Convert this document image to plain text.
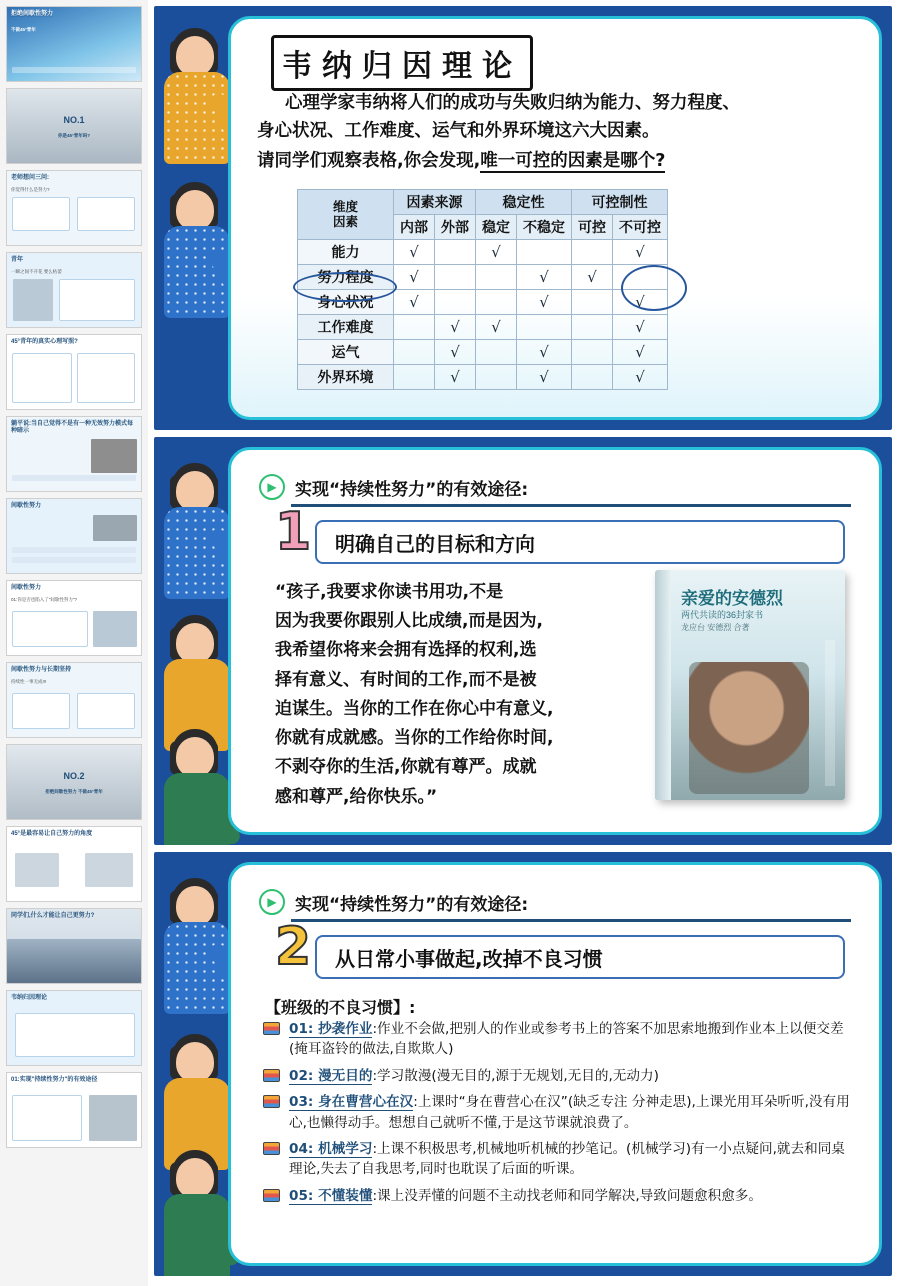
拒绝间歇性努力
不做45°青年
NO.1
你是45°青年吗?
老师想问三问:
你觉得什么是努力?
青年
一瞬之间不开花 要么枯萎
45°青年的真实心理写照?
躺平说:当自己觉得不是有一种无效努力模式每种暗示
间歇性努力
间歇性努力
01:你是否也陷入了"间歇性努力"?
间歇性努力与长期坚持
持续性一事无成!!!
NO.2
拒绝间歇性努力 不做45°青年
45°是最容易让自己努力的角度
同学们,什么才能让自己更努力?
韦纳归因理论
01:实现"持续性努力"的有效途径
韦纳归因理论
心理学家韦纳将人们的成功与失败归纳为能力、努力程度、
身心状况、工作难度、运气和外界环境这六大因素。
请同学们观察表格,你会发现,唯一可控的因素是哪个?
维度
因素	因素来源		稳定性		可控制性	
	内部	外部	稳定	不稳定	可控	不可控
能力	√		√			√
努力程度	√			√	√	
身心状况	√			√		√
工作难度		√	√			√
运气		√		√		√
外界环境		√		√		√
▶	实现“持续性努力”的有效途径:
1 明确自己的目标和方向
“孩子,我要求你读书用功,不是
因为我要你跟别人比成绩,而是因为,
我希望你将来会拥有选择的权利,选
择有意义、有时间的工作,而不是被
迫谋生。当你的工作在你心中有意义,
你就有成就感。当你的工作给你时间,
不剥夺你的生活,你就有尊严。成就
感和尊严,给你快乐。”
亲爱的安德烈
两代共读的36封家书
龙应台 安德烈 合著
▶	实现“持续性努力”的有效途径:
2 从日常小事做起,改掉不良习惯
【班级的不良习惯】:
01: 抄袭作业:作业不会做,把别人的作业或参考书上的答案不加思索地搬到作业本上以便交差(掩耳盗铃的做法,自欺欺人)
02: 漫无目的:学习散漫(漫无目的,源于无规划,无目的,无动力)
03: 身在曹营心在汉:上课时“身在曹营心在汉”(缺乏专注 分神走思),上课光用耳朵听听,没有用心,也懒得动手。想想自己就听不懂,于是这节课就浪费了。
04: 机械学习:上课不积极思考,机械地听机械的抄笔记。(机械学习)有一小点疑问,就去和同桌理论,失去了自我思考,同时也耽误了后面的听课。
05: 不懂装懂:课上没弄懂的问题不主动找老师和同学解决,导致问题愈积愈多。
